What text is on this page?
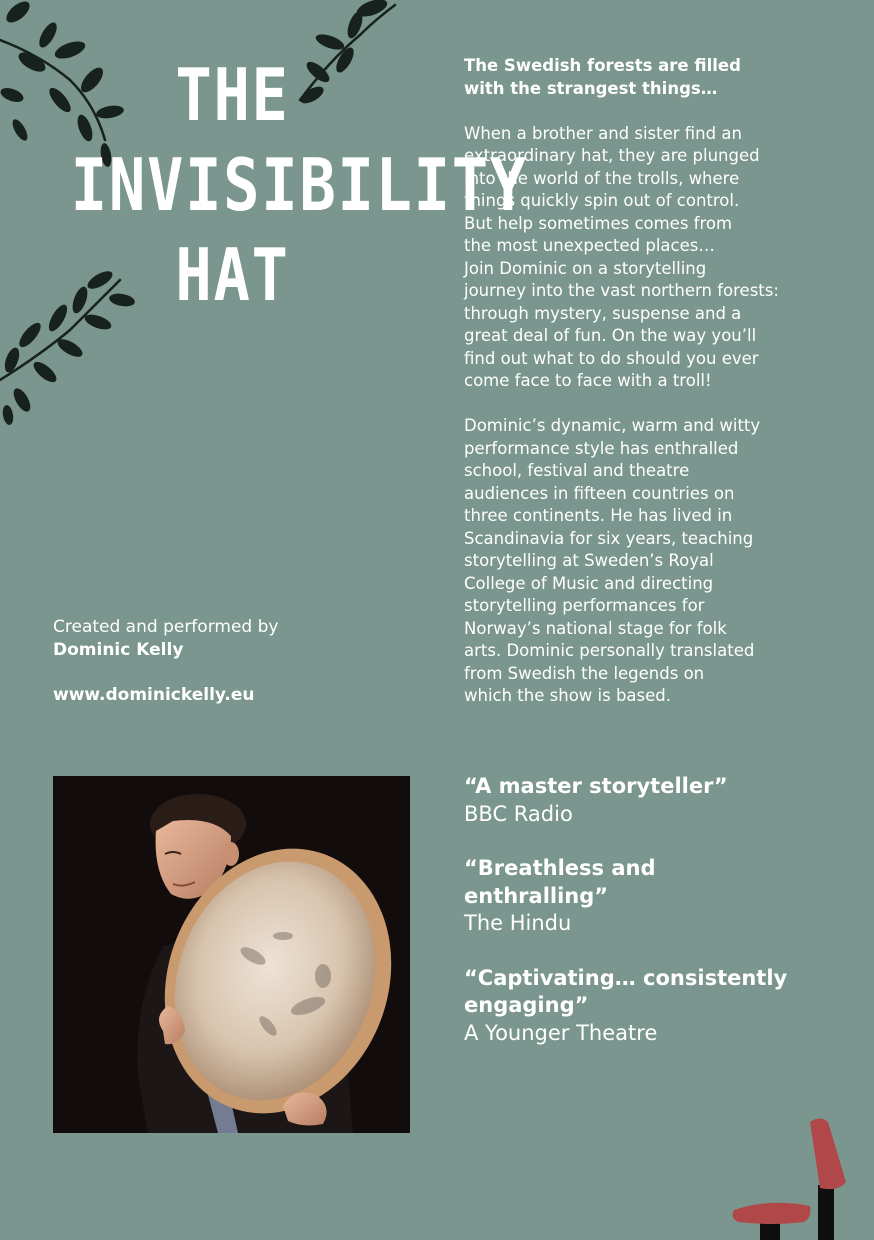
THE
INVISIBILITY
HAT

The Swedish forests are filled
with the strangest things…

When a brother and sister find an
extraordinary hat, they are plunged
into the world of the trolls, where
things quickly spin out of control.
But help sometimes comes from
the most unexpected places…
Join Dominic on a storytelling
journey into the vast northern forests:
through mystery, suspense and a
great deal of fun. On the way you’ll
find out what to do should you ever
come face to face with a troll!

Dominic’s dynamic, warm and witty
performance style has enthralled
school, festival and theatre
audiences in fifteen countries on
three continents. He has lived in
Scandinavia for six years, teaching
storytelling at Sweden’s Royal
College of Music and directing
storytelling performances for
Norway’s national stage for folk
arts. Dominic personally translated
from Swedish the legends on
which the show is based.

Created and performed by
Dominic Kelly
www.dominickelly.eu
“A master storyteller”
BBC Radio
“Breathless and
enthralling”
The Hindu
“Captivating… consistently
engaging”
A Younger Theatre
